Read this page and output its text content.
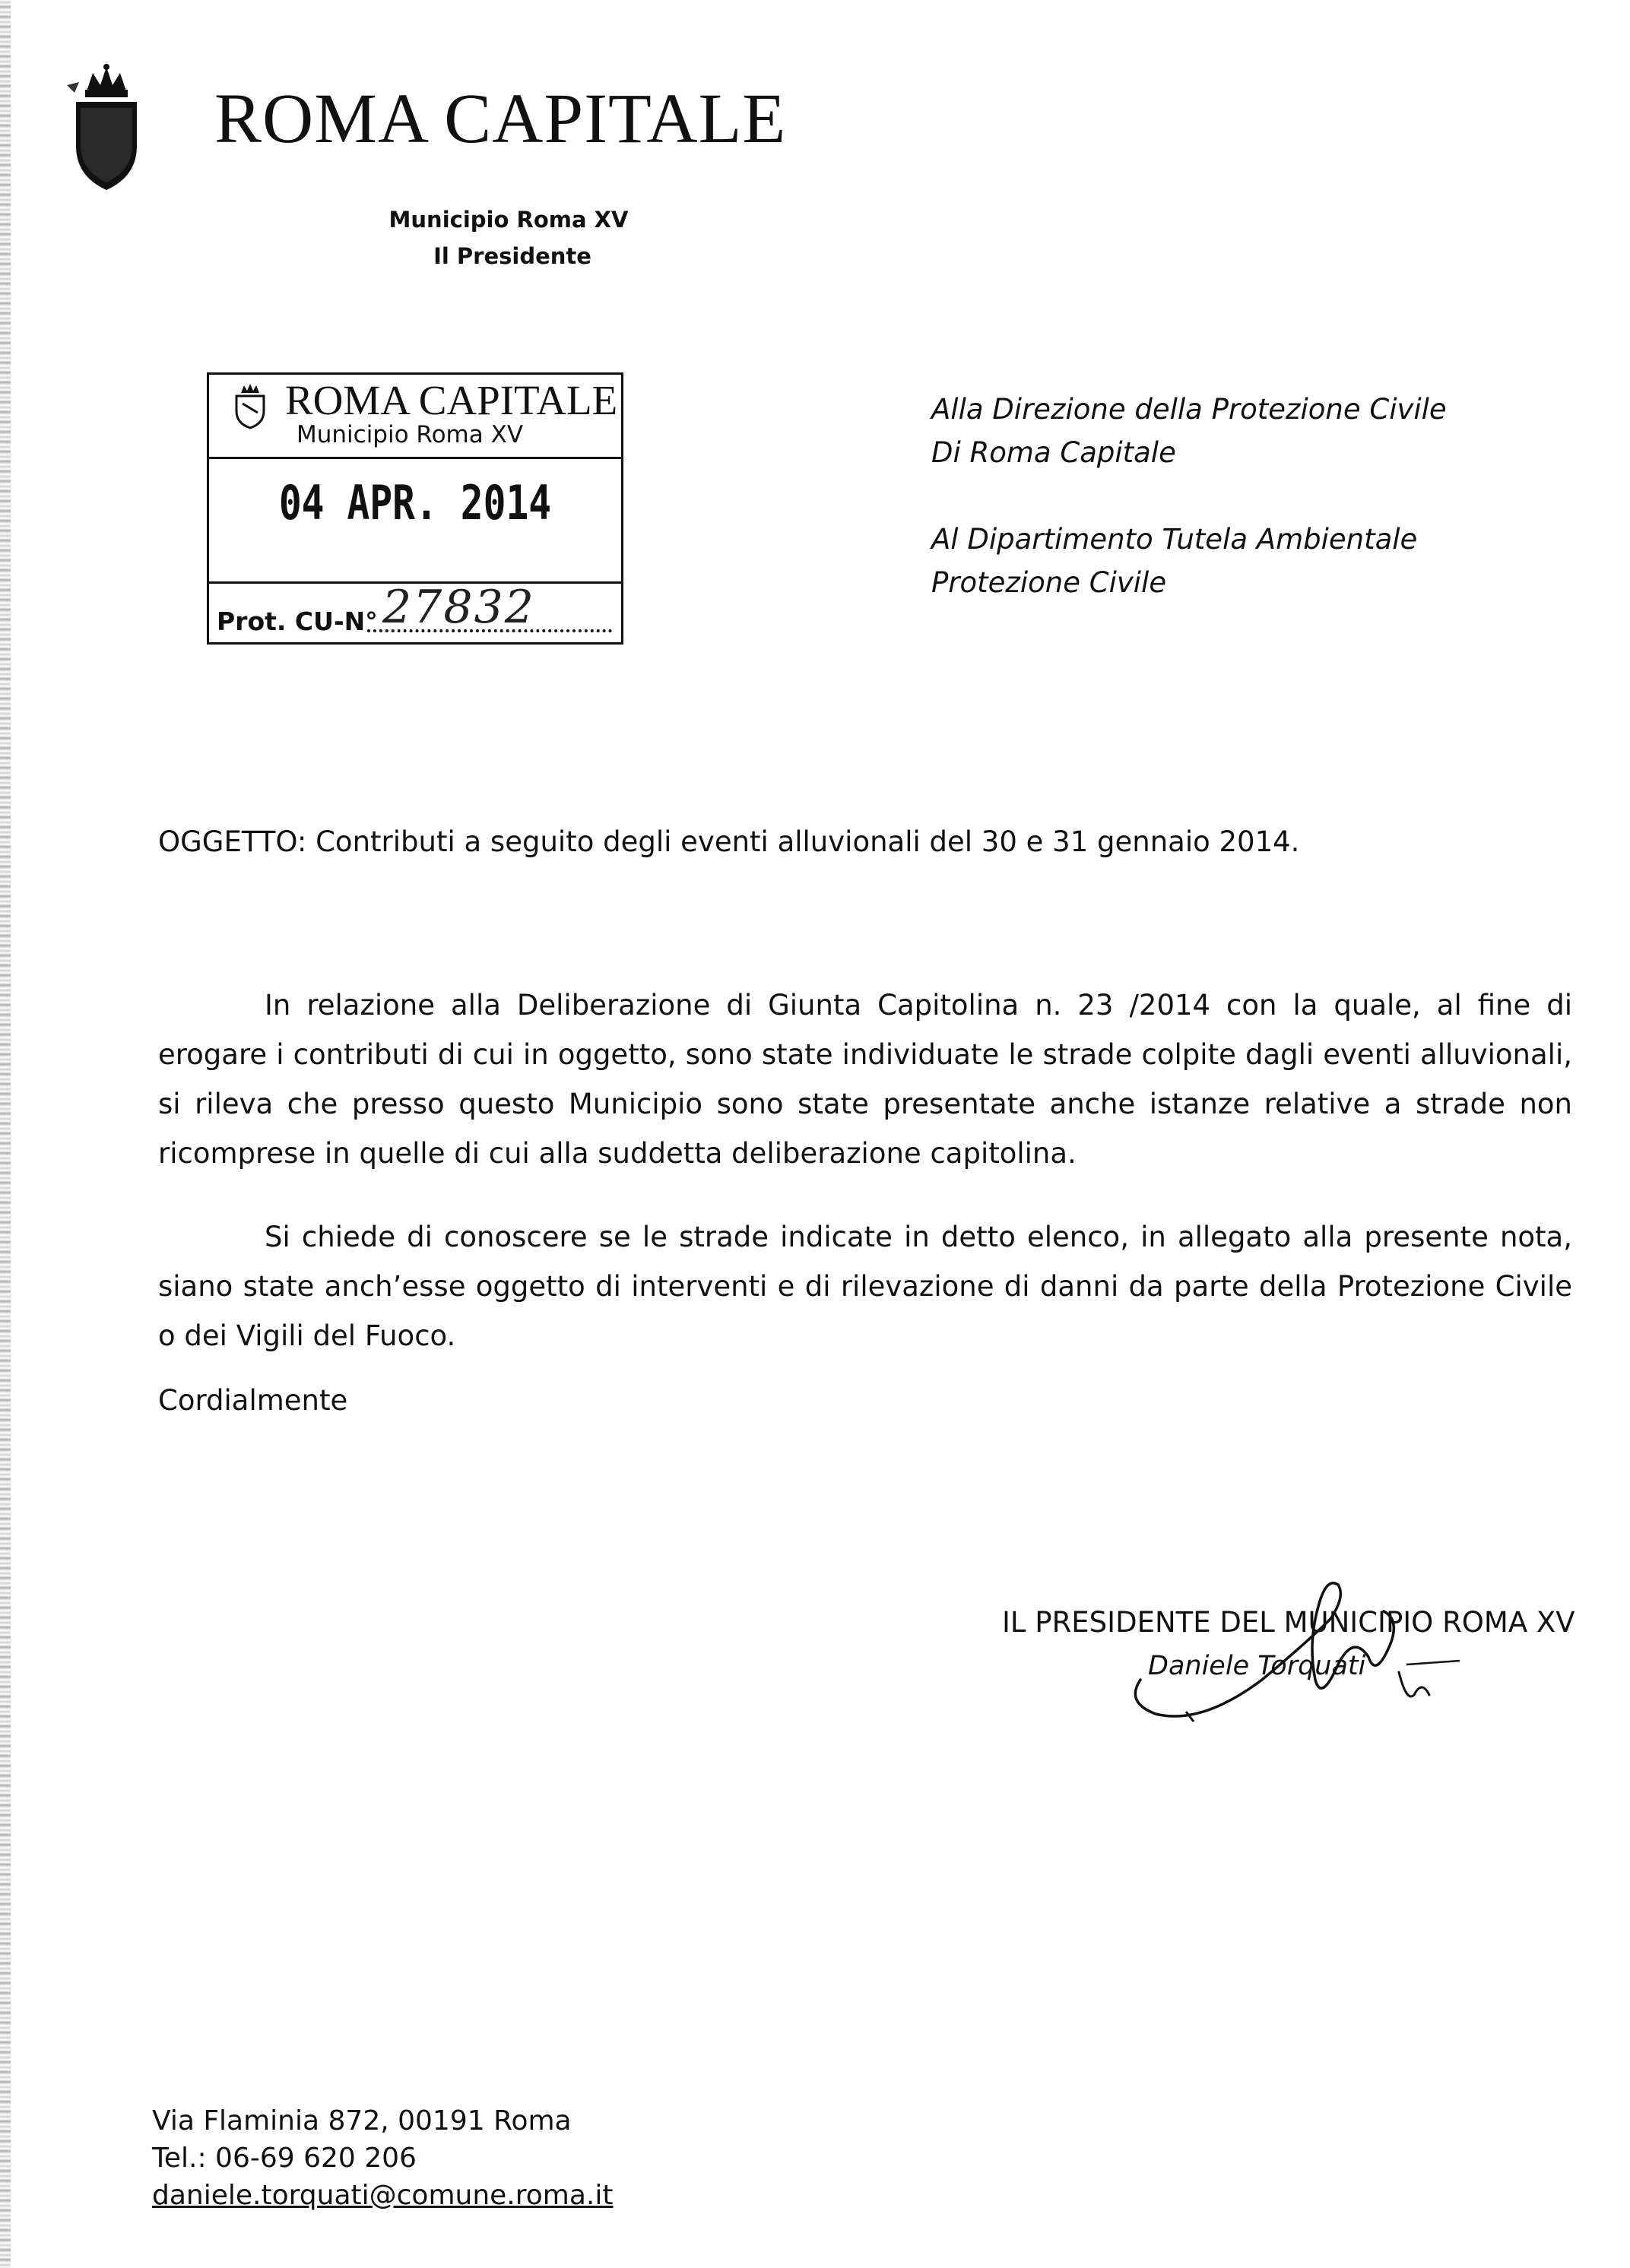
ROMA CAPITALE
Municipio Roma XV
Il Presidente
ROMA CAPITALE
Municipio Roma XV
04 APR. 2014
Prot. CU-N° 27832
Alla Direzione della Protezione Civile
Di Roma Capitale
Al Dipartimento Tutela Ambientale
Protezione Civile
OGGETTO: Contributi a seguito degli eventi alluvionali del 30 e 31 gennaio 2014.

In relazione alla Deliberazione di Giunta Capitolina n. 23 /2014 con la quale, al fine di erogare i contributi di cui in oggetto, sono state individuate le strade colpite dagli eventi alluvionali, si rileva che presso questo Municipio sono state presentate anche istanze relative a strade non ricomprese in quelle di cui alla suddetta deliberazione capitolina.

Si chiede di conoscere se le strade indicate in detto elenco, in allegato alla presente nota, siano state anch’esse oggetto di interventi e di rilevazione di danni da parte della Protezione Civile o dei Vigili del Fuoco.

Cordialmente
IL PRESIDENTE DEL MUNICIPIO ROMA XV
Daniele Torquati
Via Flaminia 872, 00191 Roma
Tel.: 06-69 620 206
daniele.torquati@comune.roma.it
